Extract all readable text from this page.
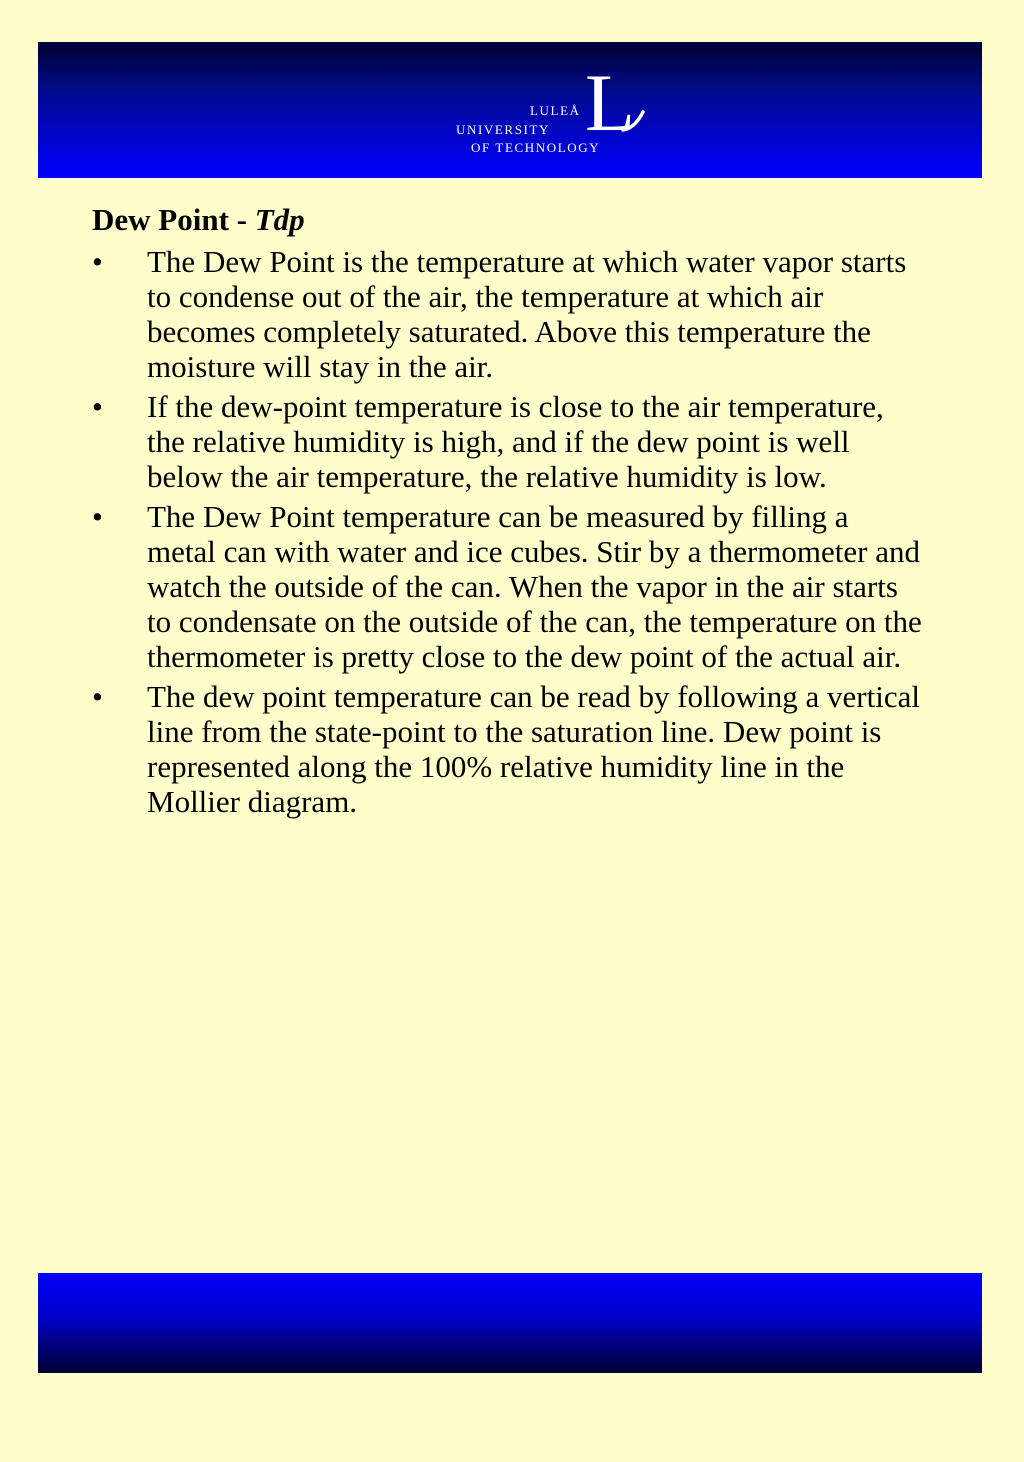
LULEÅ
UNIVERSITY
OF TECHNOLOGY
L
Dew Point - Tdp
• The Dew Point is the temperature at which water vapor starts to condense out of the air, the temperature at which air becomes completely saturated. Above this temperature the moisture will stay in the air.
• If the dew-point temperature is close to the air temperature, the relative humidity is high, and if the dew point is well below the air temperature, the relative humidity is low.
• The Dew Point temperature can be measured by filling a metal can with water and ice cubes. Stir by a thermometer and watch the outside of the can. When the vapor in the air starts to condensate on the outside of the can, the temperature on the thermometer is pretty close to the dew point of the actual air.
• The dew point temperature can be read by following a vertical line from the state-point to the saturation line. Dew point is represented along the 100% relative humidity line in the Mollier diagram.
